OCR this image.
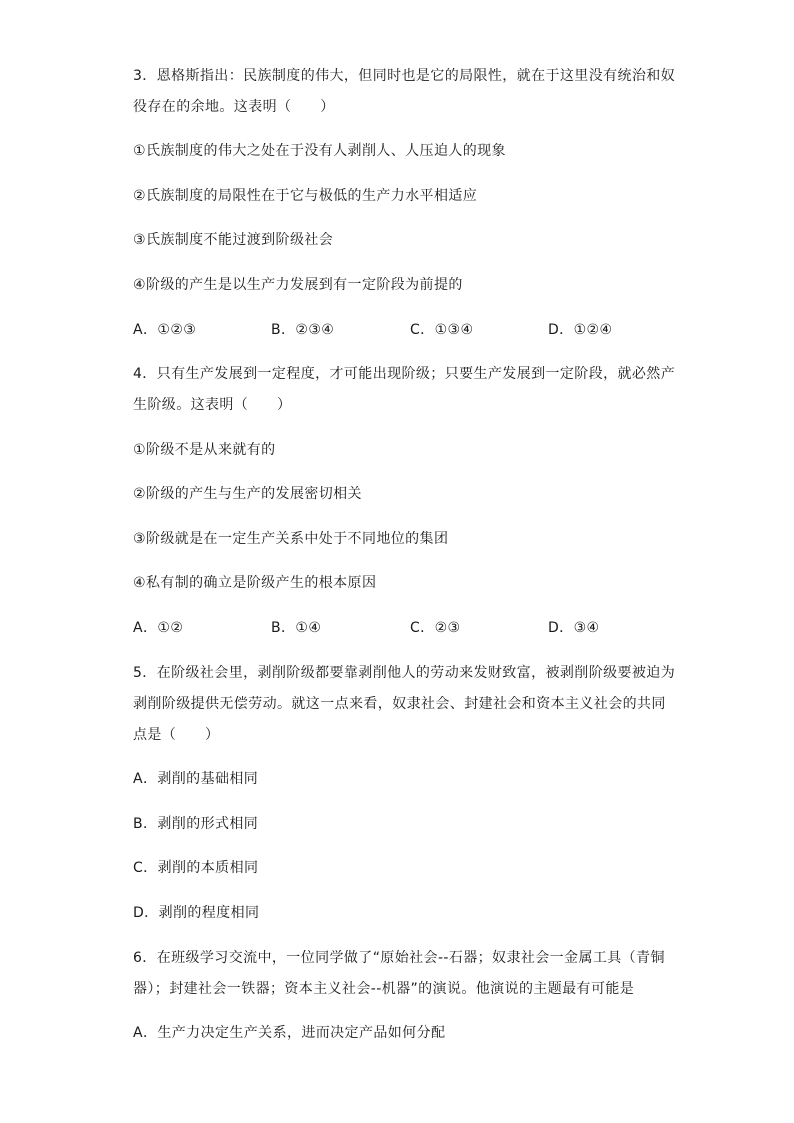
3．恩格斯指出：民族制度的伟大，但同时也是它的局限性，就在于这里没有统治和奴
役存在的余地。这表明（　　）
①氏族制度的伟大之处在于没有人剥削人、人压迫人的现象
②氏族制度的局限性在于它与极低的生产力水平相适应
③氏族制度不能过渡到阶级社会
④阶级的产生是以生产力发展到有一定阶段为前提的
A．①②③	B．②③④	C．①③④	D．①②④
4．只有生产发展到一定程度，才可能出现阶级；只要生产发展到一定阶段，就必然产
生阶级。这表明（　　）
①阶级不是从来就有的
②阶级的产生与生产的发展密切相关
③阶级就是在一定生产关系中处于不同地位的集团
④私有制的确立是阶级产生的根本原因
A．①②	B．①④	C．②③	D．③④
5．在阶级社会里，剥削阶级都要靠剥削他人的劳动来发财致富，被剥削阶级要被迫为
剥削阶级提供无偿劳动。就这一点来看，奴隶社会、封建社会和资本主义社会的共同
点是（　　）
A．剥削的基础相同
B．剥削的形式相同
C．剥削的本质相同
D．剥削的程度相同
6．在班级学习交流中，一位同学做了“原始社会--石器；奴隶社会一金属工具（青铜
器）；封建社会一铁器；资本主义社会--机器”的演说。他演说的主题最有可能是
A．生产力决定生产关系，进而决定产品如何分配
